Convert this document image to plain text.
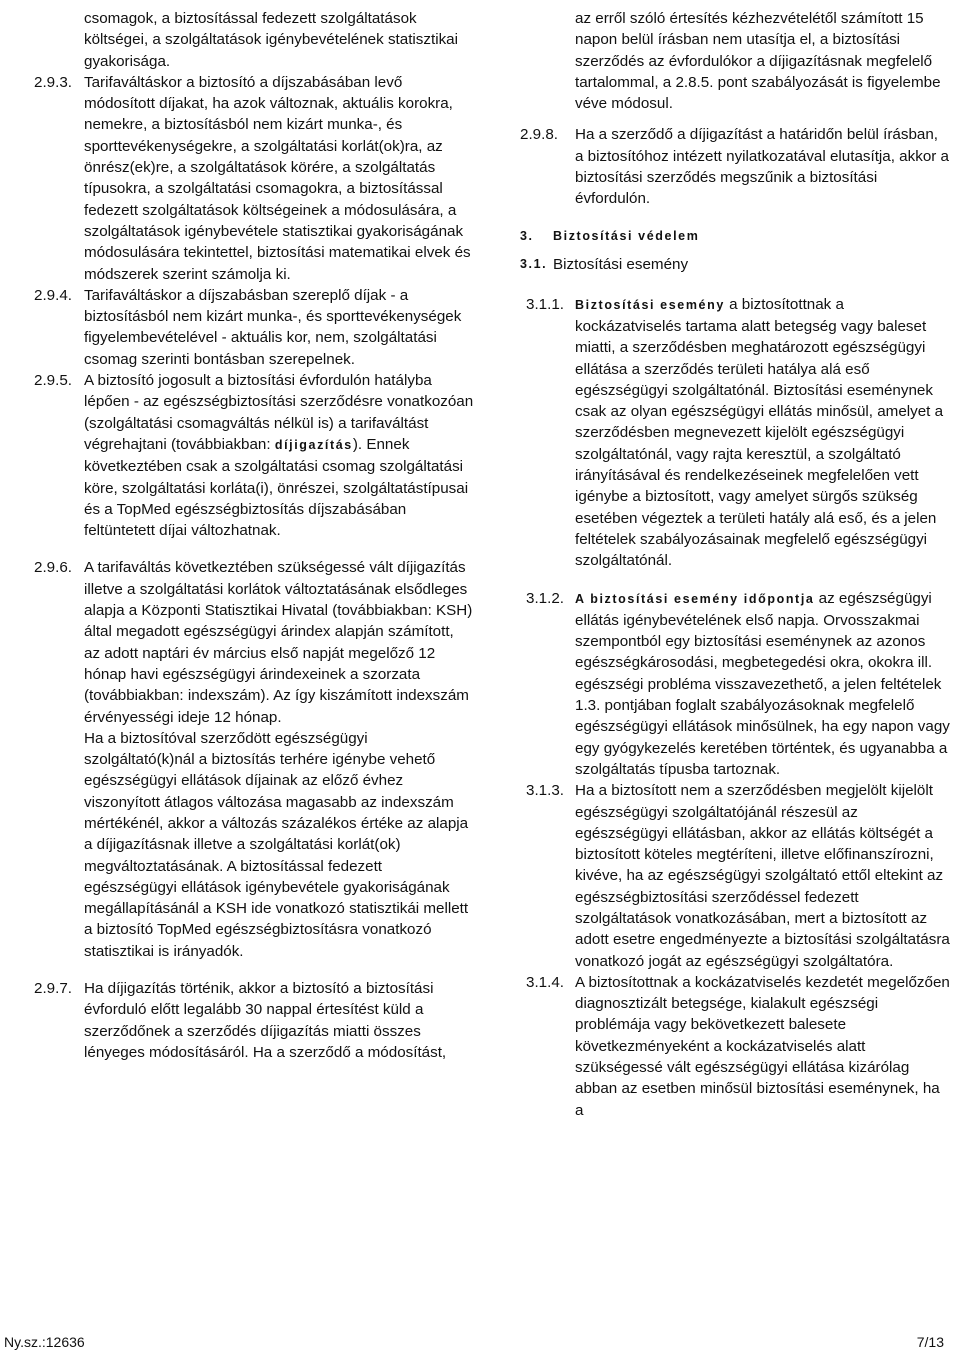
csomagok, a biztosítással fedezett szolgáltatások költségei, a szolgáltatások igénybevételének statisztikai gyakorisága.
2.9.3. Tarifaváltáskor a biztosító a díjszabásában levő módosított díjakat, ha azok változnak, aktuális korokra, nemekre, a biztosításból nem kizárt munka-, és sporttevékenységekre, a szolgáltatási korlát(ok)ra, az önrész(ek)re, a szolgáltatások körére, a szolgáltatás típusokra, a szolgáltatási csomagokra, a biztosítással fedezett szolgáltatások költségeinek a módosulására, a szolgáltatások igénybevétele statisztikai gyakoriságának módosulására tekintettel, biztosítási matematikai elvek és módszerek szerint számolja ki.
2.9.4. Tarifaváltáskor a díjszabásban szereplő díjak - a biztosításból nem kizárt munka-, és sporttevékenységek figyelembevételével - aktuális kor, nem, szolgáltatási csomag szerinti bontásban szerepelnek.
2.9.5. A biztosító jogosult a biztosítási évfordulón hatályba lépően - az egészségbiztosítási szerződésre vonatkozóan (szolgáltatási csomagváltás nélkül is) a tarifaváltást végrehajtani (továbbiakban: díjigazítás). Ennek következtében csak a szolgáltatási csomag szolgáltatási köre, szolgáltatási korláta(i), önrészei, szolgáltatástípusai és a TopMed egészségbiztosítás díjszabásában feltüntetett díjai változhatnak.
2.9.6. A tarifaváltás következtében szükségessé vált díjigazítás illetve a szolgáltatási korlátok változtatásának elsődleges alapja a Központi Statisztikai Hivatal (továbbiakban: KSH) által megadott egészségügyi árindex alapján számított, az adott naptári év március első napját megelőző 12 hónap havi egészségügyi árindexeinek a szorzata (továbbiakban: indexszám). Az így kiszámított indexszám érvényességi ideje 12 hónap.
Ha a biztosítóval szerződött egészségügyi szolgáltató(k)nál a biztosítás terhére igénybe vehető egészségügyi ellátások díjainak az előző évhez viszonyított átlagos változása magasabb az indexszám mértékénél, akkor a változás százalékos értéke az alapja a díjigazításnak illetve a szolgáltatási korlát(ok) megváltoztatásának. A biztosítással fedezett egészségügyi ellátások igénybevétele gyakoriságának megállapításánál a KSH ide vonatkozó statisztikái mellett a biztosító TopMed egészségbiztosításra vonatkozó statisztikai is irányadók.
2.9.7. Ha díjigazítás történik, akkor a biztosító a biztosítási évforduló előtt legalább 30 nappal értesítést küld a szerződőnek a szerződés díjigazítás miatti összes lényeges módosításáról. Ha a szerződő a módosítást,
az erről szóló értesítés kézhezvételétől számított 15 napon belül írásban nem utasítja el, a biztosítási szerződés az évfordulókor a díjigazításnak megfelelő tartalommal, a 2.8.5. pont szabályozását is figyelembe véve módosul.
2.9.8.	Ha a szerződő a díjigazítást a határidőn belül írásban, a biztosítóhoz intézett nyilatkozatával elutasítja, akkor a biztosítási szerződés megszűnik a biztosítási évfordulón.
3. Biztosítási védelem
3.1. Biztosítási esemény
3.1.1. Biztosítási esemény a biztosítottnak a kockázatviselés tartama alatt betegség vagy baleset miatti, a szerződésben meghatározott egészségügyi ellátása a szerződés területi hatálya alá eső egészségügyi szolgáltatónál. Biztosítási eseménynek csak az olyan egészségügyi ellátás minősül, amelyet a szerződésben megnevezett kijelölt egészségügyi szolgáltatónál, vagy rajta keresztül, a szolgáltató irányításával és rendelkezéseinek megfelelően vett igénybe a biztosított, vagy amelyet sürgős szükség esetében végeztek a területi hatály alá eső, és a jelen feltételek szabályozásainak megfelelő egészségügyi szolgáltatónál.
3.1.2. A biztosítási esemény időpontja az egészségügyi ellátás igénybevételének első napja. Orvosszakmai szempontból egy biztosítási eseménynek az azonos egészségkárosodási, megbetegedési okra, okokra ill. egészségi probléma visszavezethető, a jelen feltételek 1.3. pontjában foglalt szabályozásoknak megfelelő egészségügyi ellátások minősülnek, ha egy napon vagy egy gyógykezelés keretében történtek, és ugyanabba a szolgáltatás típusba tartoznak.
3.1.3. Ha a biztosított nem a szerződésben megjelölt kijelölt egészségügyi szolgáltatójánál részesül az egészségügyi ellátásban, akkor az ellátás költségét a biztosított köteles megtéríteni, illetve előfinanszírozni, kivéve, ha az egészségügyi szolgáltató ettől eltekint az egészségbiztosítási szerződéssel fedezett szolgáltatások vonatkozásában, mert a biztosított az adott esetre engedményezte a biztosítási szolgáltatásra vonatkozó jogát az egészségügyi szolgáltatóra.
3.1.4. A biztosítottnak a kockázatviselés kezdetét megelőzően diagnosztizált betegsége, kialakult egészségi problémája vagy bekövetkezett balesete következményeként a kockázatviselés alatt szükségessé vált egészségügyi ellátása kizárólag abban az esetben minősül biztosítási eseménynek, ha a
Ny.sz.:12636	7/13
